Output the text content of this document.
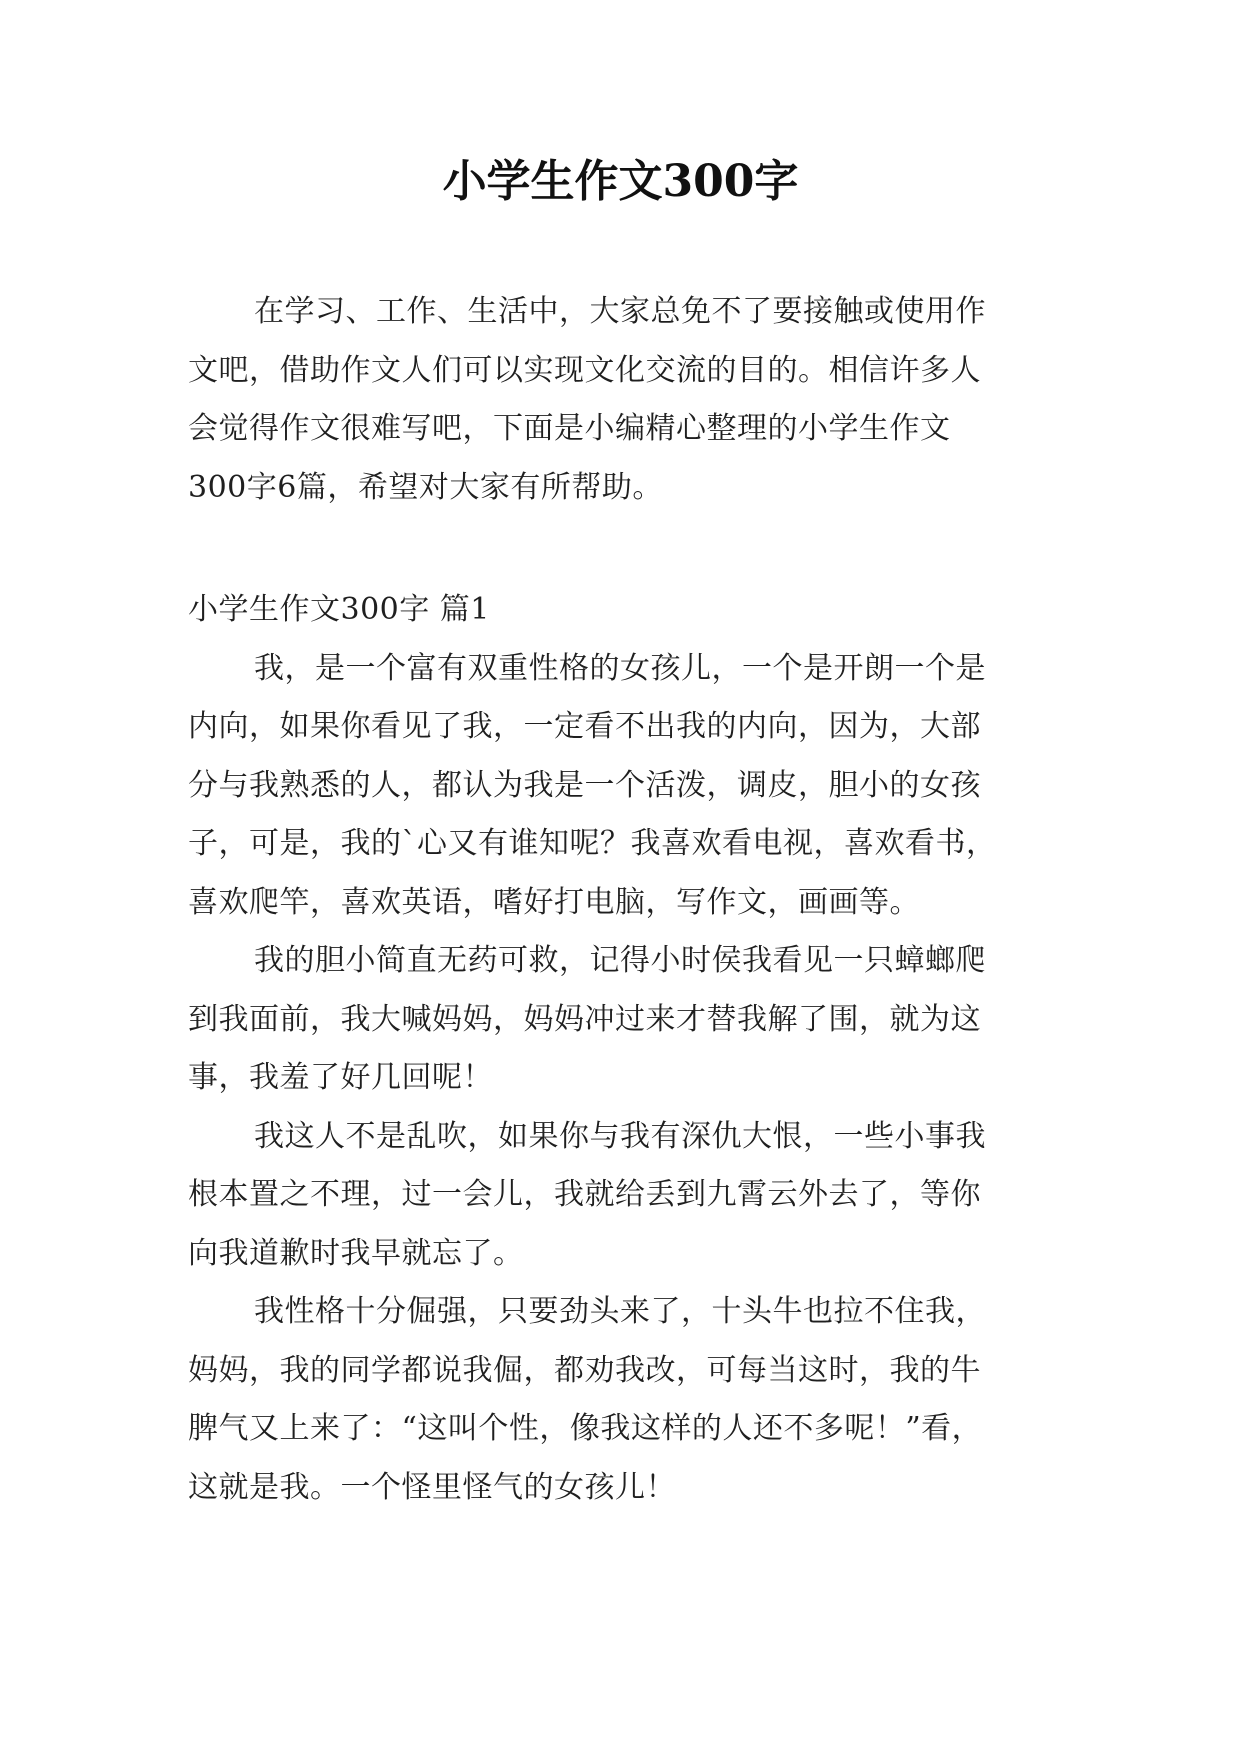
小学生作文300字
在学习、工作、生活中，大家总免不了要接触或使用作
文吧，借助作文人们可以实现文化交流的目的。相信许多人
会觉得作文很难写吧，下面是小编精心整理的小学生作文
300字6篇，希望对大家有所帮助。
小学生作文300字 篇1
我，是一个富有双重性格的女孩儿，一个是开朗一个是
内向，如果你看见了我，一定看不出我的内向，因为，大部
分与我熟悉的人，都认为我是一个活泼，调皮，胆小的女孩
子，可是，我的`心又有谁知呢？我喜欢看电视，喜欢看书，
喜欢爬竿，喜欢英语，嗜好打电脑，写作文，画画等。
我的胆小简直无药可救，记得小时侯我看见一只蟑螂爬
到我面前，我大喊妈妈，妈妈冲过来才替我解了围，就为这
事，我羞了好几回呢！
我这人不是乱吹，如果你与我有深仇大恨，一些小事我
根本置之不理，过一会儿，我就给丢到九霄云外去了，等你
向我道歉时我早就忘了。
我性格十分倔强，只要劲头来了，十头牛也拉不住我，
妈妈，我的同学都说我倔，都劝我改，可每当这时，我的牛
脾气又上来了：“这叫个性，像我这样的人还不多呢！”看，
这就是我。一个怪里怪气的女孩儿！
